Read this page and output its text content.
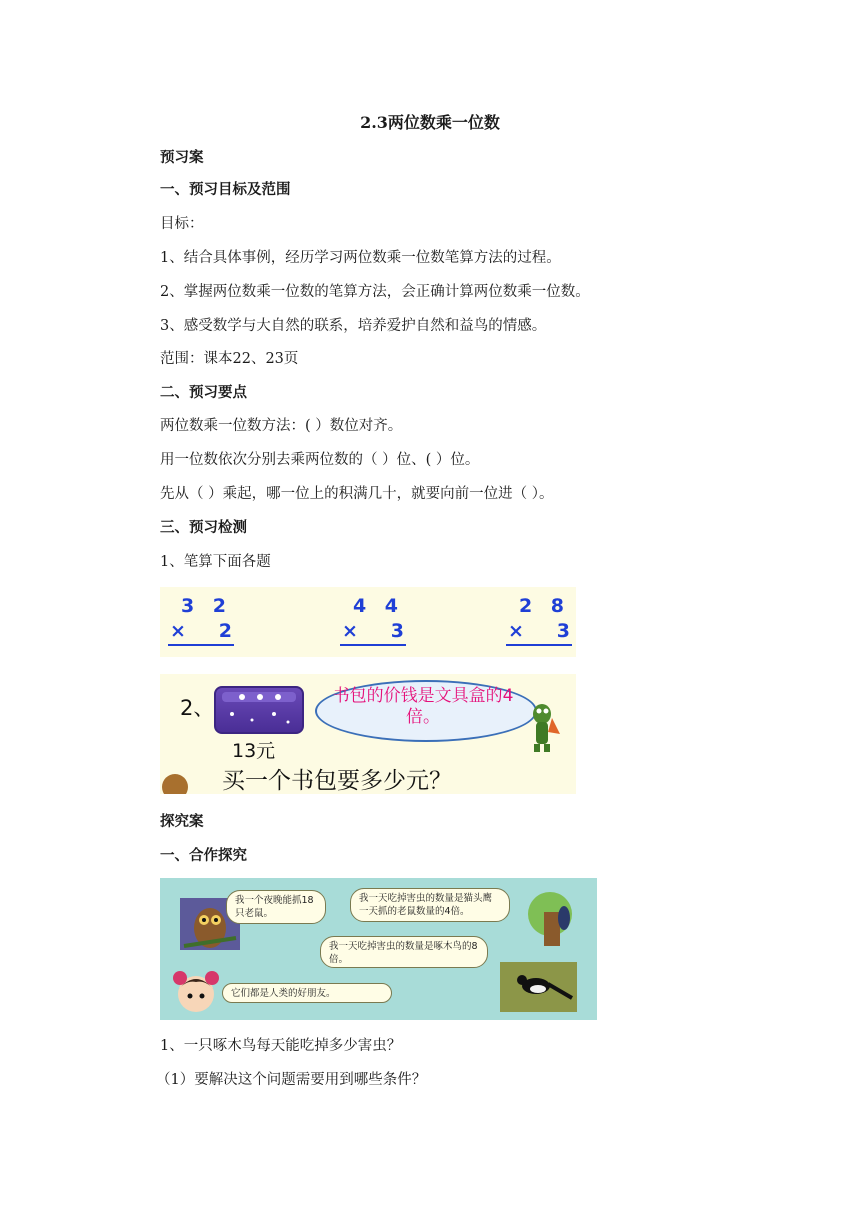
2.3两位数乘一位数
预习案
一、预习目标及范围
目标：
1、结合具体事例，经历学习两位数乘一位数笔算方法的过程。
2、掌握两位数乘一位数的笔算方法，会正确计算两位数乘一位数。
3、感受数学与大自然的联系，培养爱护自然和益鸟的情感。
范围：课本22、23页
二、预习要点
两位数乘一位数方法：( ）数位对齐。
用一位数依次分别去乘两位数的（ ）位、( ）位。
先从（ ）乘起，哪一位上的积满几十，就要向前一位进（ ）。
三、预习检测
1、笔算下面各题
3 2
× 2
4 4
× 3
2 8
× 3
2、
13元
书包的价钱是文具盒的4倍。
买一个书包要多少元？
探究案
一、合作探究
我一个夜晚能抓18只老鼠。
我一天吃掉害虫的数量是猫头鹰一天抓的老鼠数量的4倍。
我一天吃掉害虫的数量是啄木鸟的8倍。
它们都是人类的好朋友。
1、一只啄木鸟每天能吃掉多少害虫？
（1）要解决这个问题需要用到哪些条件？
